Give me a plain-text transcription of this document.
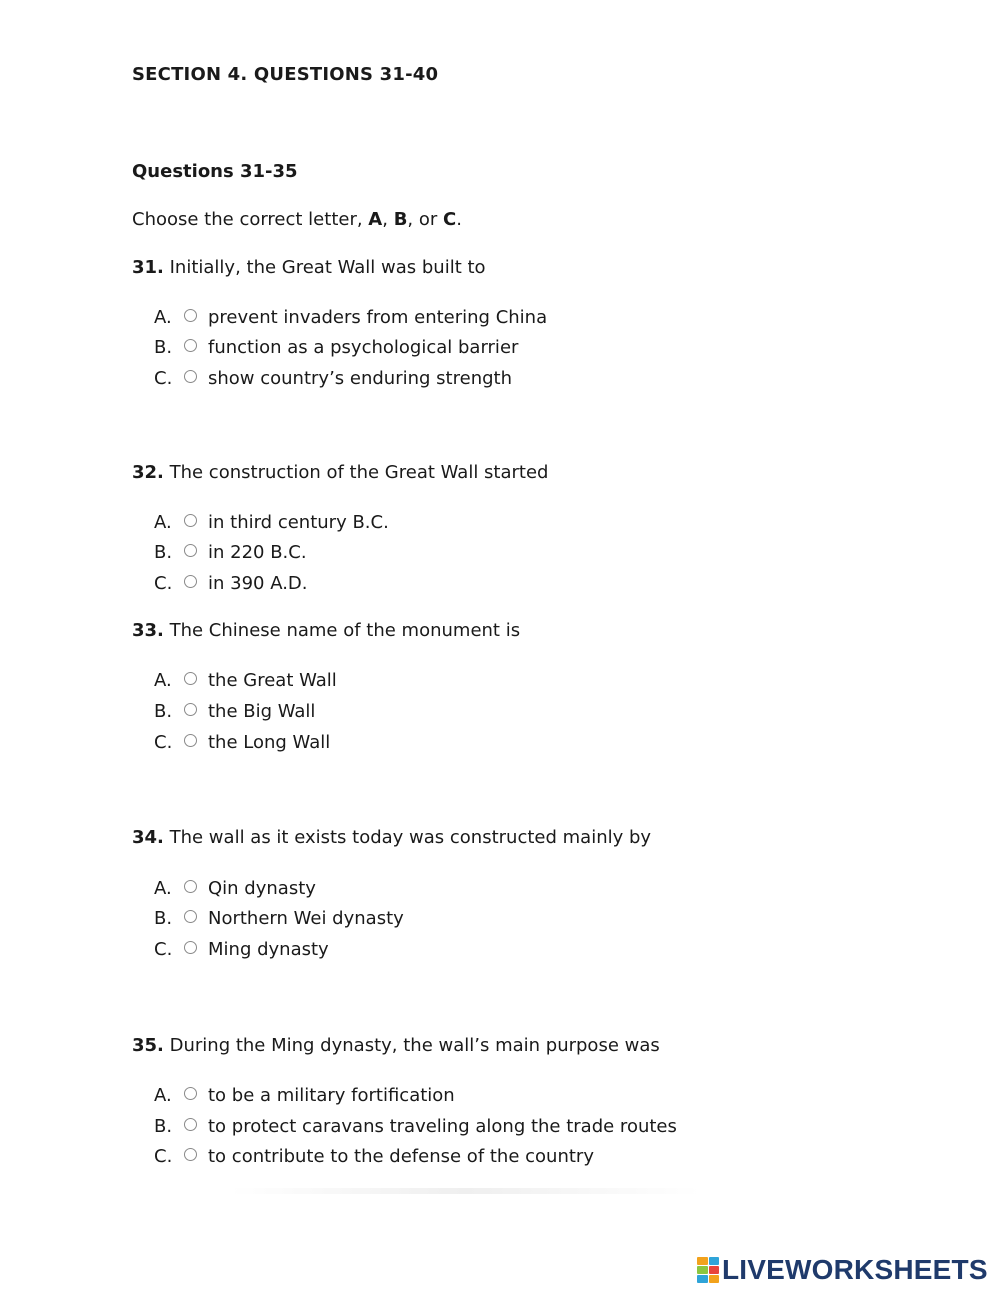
SECTION 4. QUESTIONS 31-40
Questions 31-35
Choose the correct letter, A, B, or C.
31. Initially, the Great Wall was built to
A.	prevent invaders from entering China
B.	function as a psychological barrier
C.	show country’s enduring strength
32. The construction of the Great Wall started
A.	in third century B.C.
B.	in 220 B.C.
C.	in 390 A.D.
33. The Chinese name of the monument is
A.	the Great Wall
B.	the Big Wall
C.	the Long Wall
34. The wall as it exists today was constructed mainly by
A.	Qin dynasty
B.	Northern Wei dynasty
C.	Ming dynasty
35. During the Ming dynasty, the wall’s main purpose was
A.	to be a military fortification
B.	to protect caravans traveling along the trade routes
C.	to contribute to the defense of the country
LIVEWORKSHEETS
